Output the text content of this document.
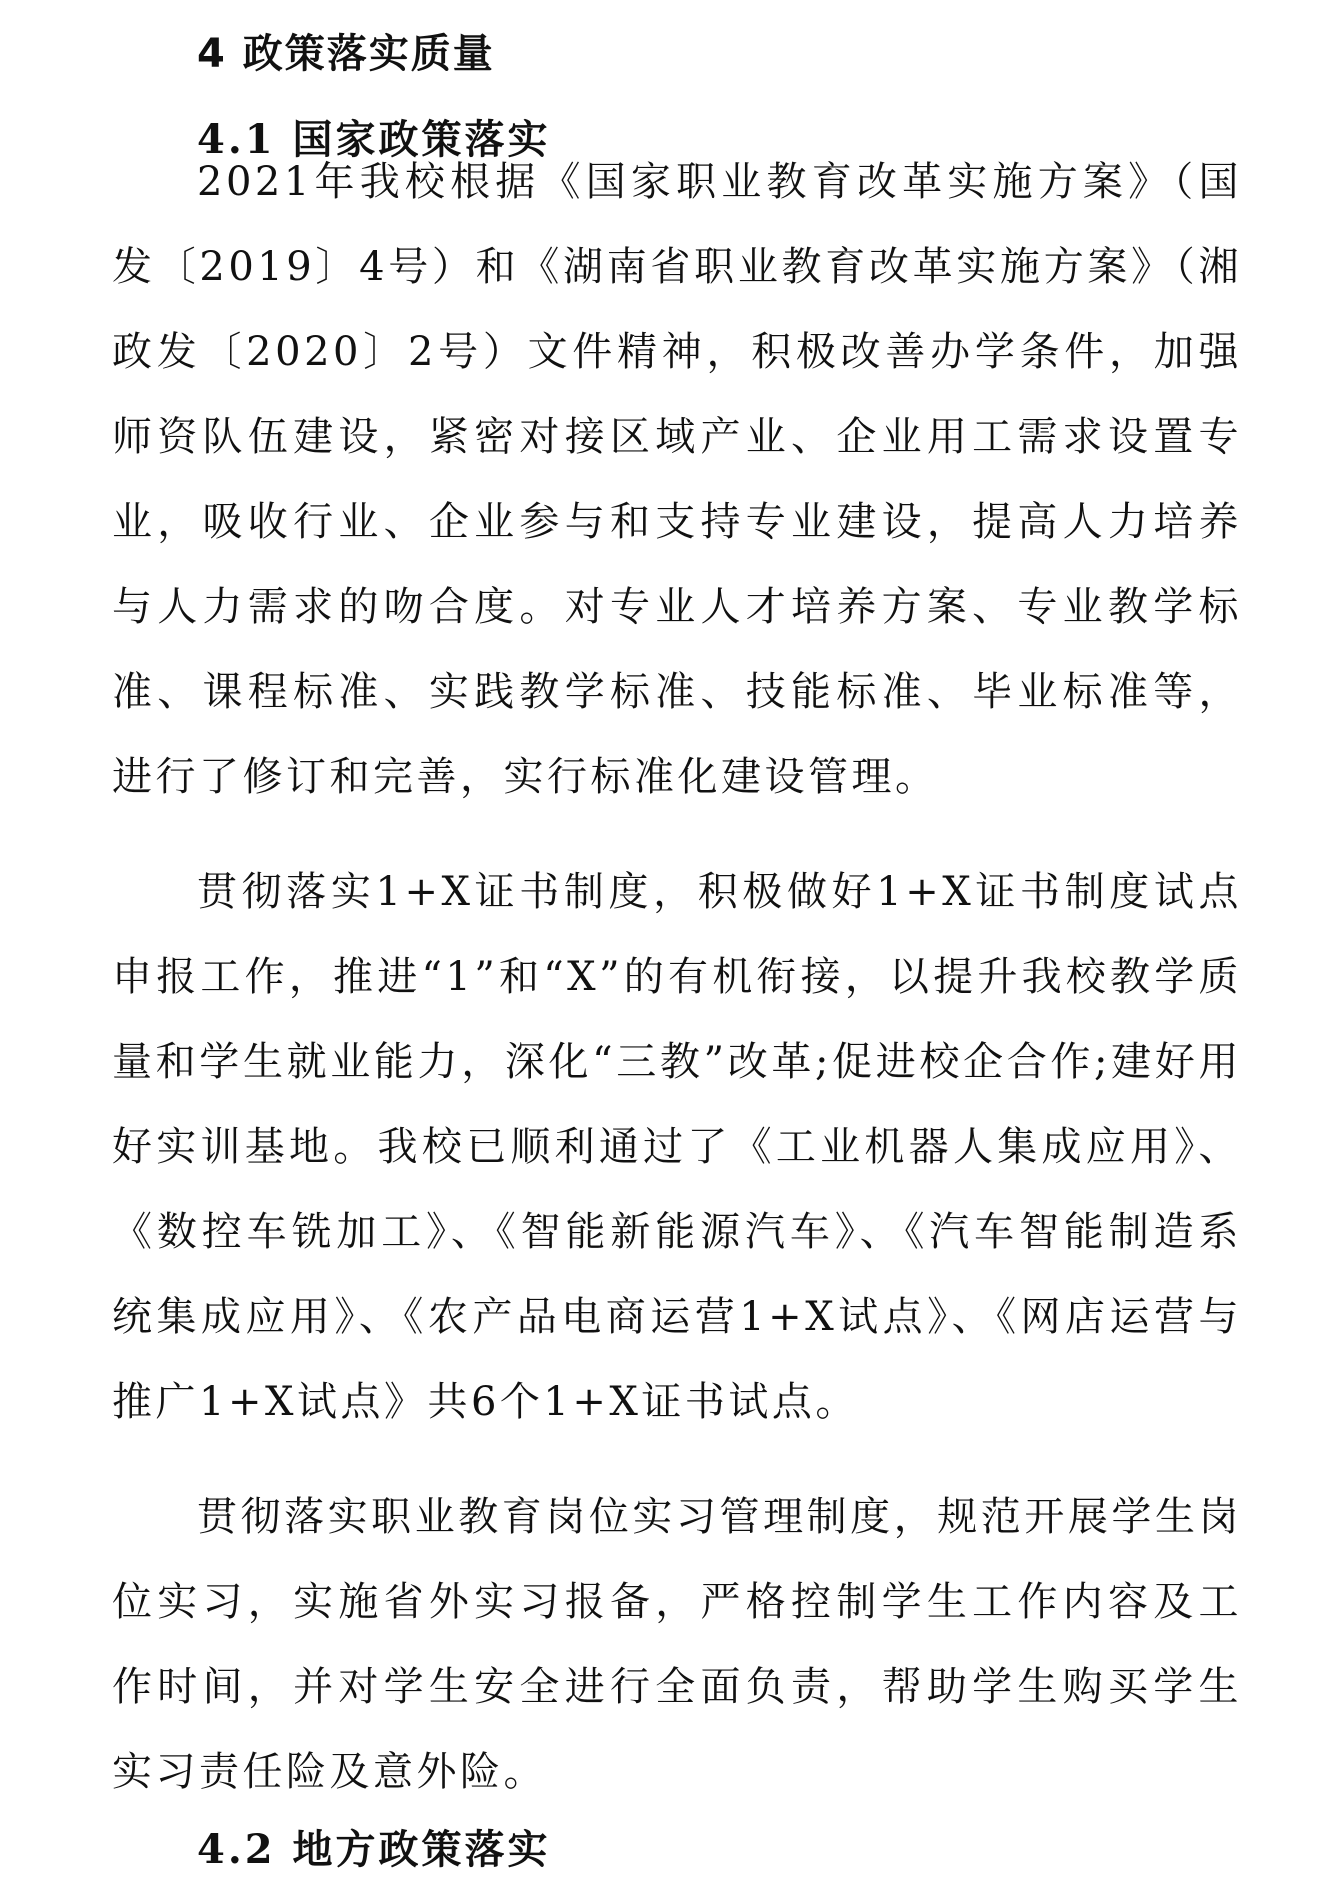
4 政策落实质量
4.1 国家政策落实

2021年我校根据《国家职业教育改革实施方案》（国发〔2019〕4号）和《湖南省职业教育改革实施方案》（湘政发〔2020〕2号）文件精神，积极改善办学条件，加强师资队伍建设，紧密对接区域产业、企业用工需求设置专业，吸收行业、企业参与和支持专业建设，提高人力培养与人力需求的吻合度。对专业人才培养方案、专业教学标准、课程标准、实践教学标准、技能标准、毕业标准等，进行了修订和完善，实行标准化建设管理。

贯彻落实1+X证书制度，积极做好1+X证书制度试点申报工作，推进“1”和“X”的有机衔接，以提升我校教学质量和学生就业能力，深化“三教”改革;促进校企合作;建好用好实训基地。我校已顺利通过了《工业机器人集成应用》、《数控车铣加工》、《智能新能源汽车》、《汽车智能制造系统集成应用》、《农产品电商运营1+X试点》、《网店运营与推广1+X试点》共6个1+X证书试点。

贯彻落实职业教育岗位实习管理制度，规范开展学生岗位实习，实施省外实习报备，严格控制学生工作内容及工作时间，并对学生安全进行全面负责，帮助学生购买学生实习责任险及意外险。

4.2 地方政策落实
